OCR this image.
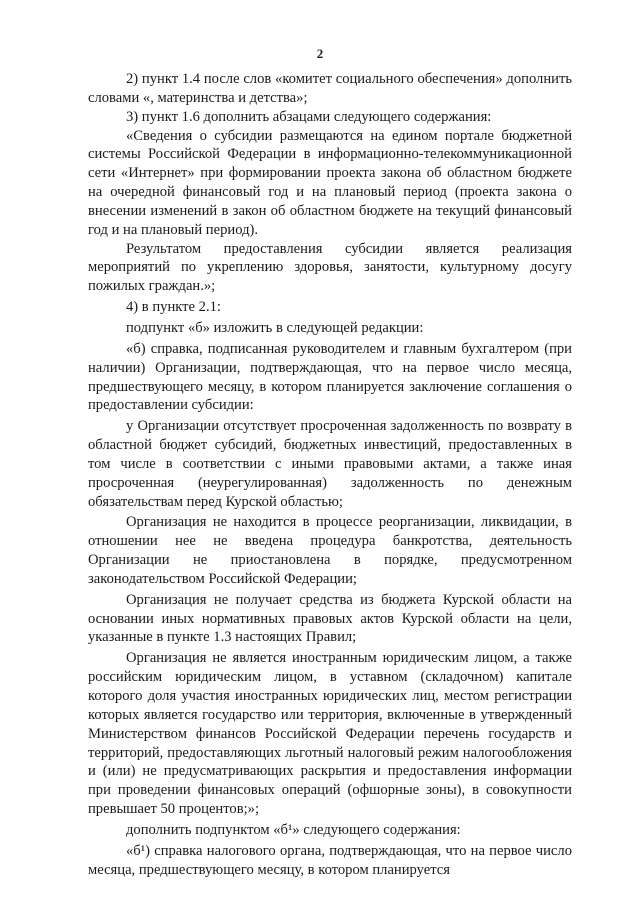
2

2) пункт 1.4 после слов «комитет социального обеспечения» дополнить словами «, материнства и детства»;

3) пункт 1.6 дополнить абзацами следующего содержания:

«Сведения о субсидии размещаются на едином портале бюджетной системы Российской Федерации в информационно-телекоммуникационной сети «Интернет» при формировании проекта закона об областном бюджете на очередной финансовый год и на плановый период (проекта закона о внесении изменений в закон об областном бюджете на текущий финансовый год и на плановый период).

Результатом предоставления субсидии является реализация мероприятий по укреплению здоровья, занятости, культурному досугу пожилых граждан.»;

4) в пункте 2.1:

подпункт «б» изложить в следующей редакции:

«б) справка, подписанная руководителем и главным бухгалтером (при наличии) Организации, подтверждающая, что на первое число месяца, предшествующего месяцу, в котором планируется заключение соглашения о предоставлении субсидии:

у Организации отсутствует просроченная задолженность по возврату в областной бюджет субсидий, бюджетных инвестиций, предоставленных в том числе в соответствии с иными правовыми актами, а также иная просроченная (неурегулированная) задолженность по денежным обязательствам перед Курской областью;

Организация не находится в процессе реорганизации, ликвидации, в отношении нее не введена процедура банкротства, деятельность Организации не приостановлена в порядке, предусмотренном законодательством Российской Федерации;

Организация не получает средства из бюджета Курской области на основании иных нормативных правовых актов Курской области на цели, указанные в пункте 1.3 настоящих Правил;

Организация не является иностранным юридическим лицом, а также российским юридическим лицом, в уставном (складочном) капитале которого доля участия иностранных юридических лиц, местом регистрации которых является государство или территория, включенные в утвержденный Министерством финансов Российской Федерации перечень государств и территорий, предоставляющих льготный налоговый режим налогообложения и (или) не предусматривающих раскрытия и предоставления информации при проведении финансовых операций (офшорные зоны), в совокупности превышает 50 процентов;»;

дополнить подпунктом «б¹» следующего содержания:

«б¹) справка налогового органа, подтверждающая, что на первое число месяца, предшествующего месяцу, в котором планируется
